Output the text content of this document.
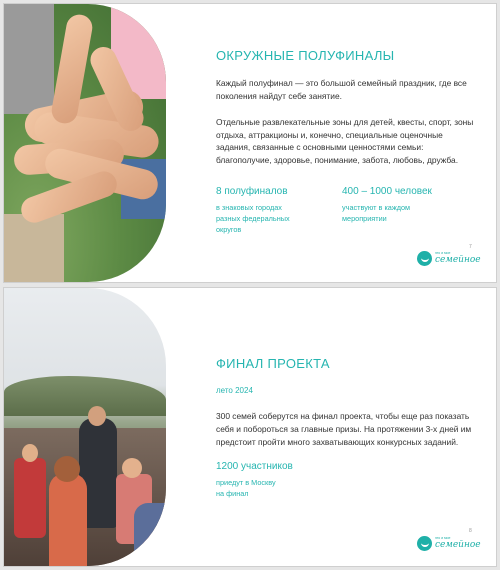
ОКРУЖНЫЕ ПОЛУФИНАЛЫ
Каждый полуфинал — это большой семейный праздник, где все
поколения найдут себе занятие.
Отдельные развлекательные зоны для детей, квесты, спорт, зоны
отдыха, аттракционы и, конечно, специальные оценочные
задания, связанные с основными ценностями семьи:
благополучие, здоровье, понимание, забота, любовь, дружба.
8 полуфиналов
в знаковых городах
разных федеральных
округов
400 – 1000 человек
участвуют в каждом
мероприятии
7
это и мое
семейное
ФИНАЛ ПРОЕКТА
лето 2024
300 семей соберутся на финал проекта, чтобы еще раз показать
себя и побороться за главные призы. На протяжении 3-х дней им
предстоит пройти много захватывающих конкурсных заданий.
1200 участников
приедут в Москву
на финал
8
это и мое
семейное
